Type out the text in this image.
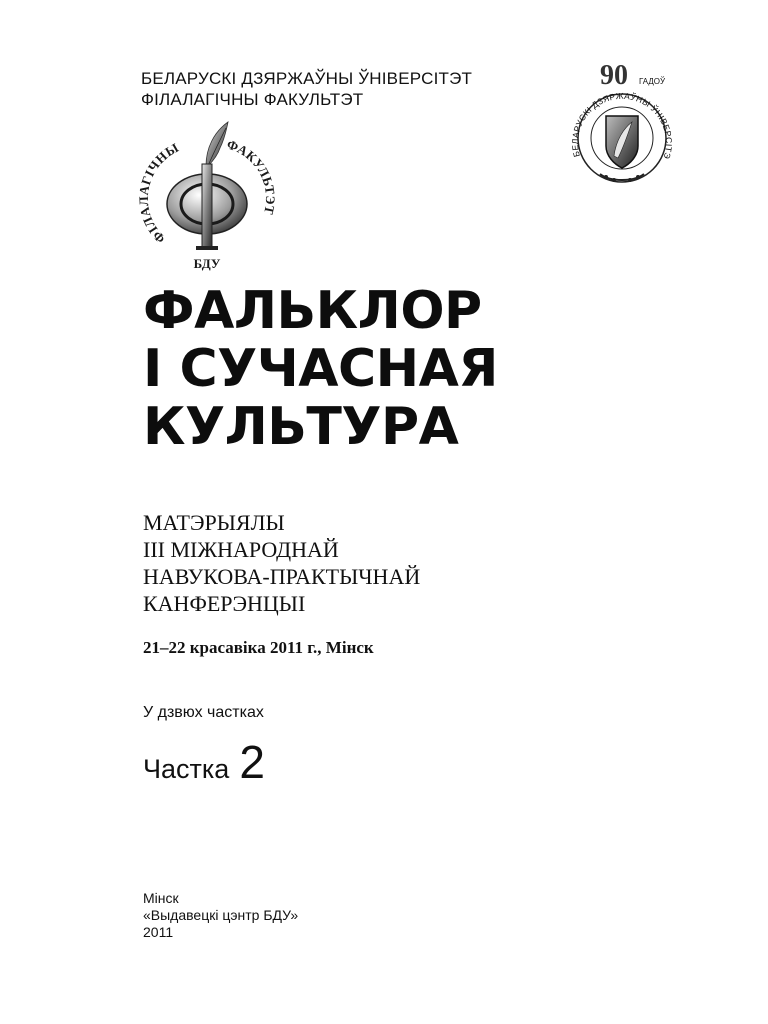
БЕЛАРУСКІ ДЗЯРЖАЎНЫ ЎНІВЕРСІТЭТ
ФІЛАЛАГІЧНЫ ФАКУЛЬТЭТ
ФІЛАЛАГІЧНЫ	ФАКУЛЬТЭТ
БДУ
90 ГАДОЎ
БЕЛАРУСКІ ДЗЯРЖАЎНЫ ЎНІВЕРСІТЭ
ФАЛЬКЛОР
І СУЧАСНАЯ
КУЛЬТУРА
МАТЭРЫЯЛЫ
ІІІ МІЖНАРОДНАЙ
НАВУКОВА-ПРАКТЫЧНАЙ
КАНФЕРЭНЦЫІ
21–22 красавіка 2011 г., Мінск
У дзвюх частках
Частка 2
Мінск
«Выдавецкі цэнтр БДУ»
2011
